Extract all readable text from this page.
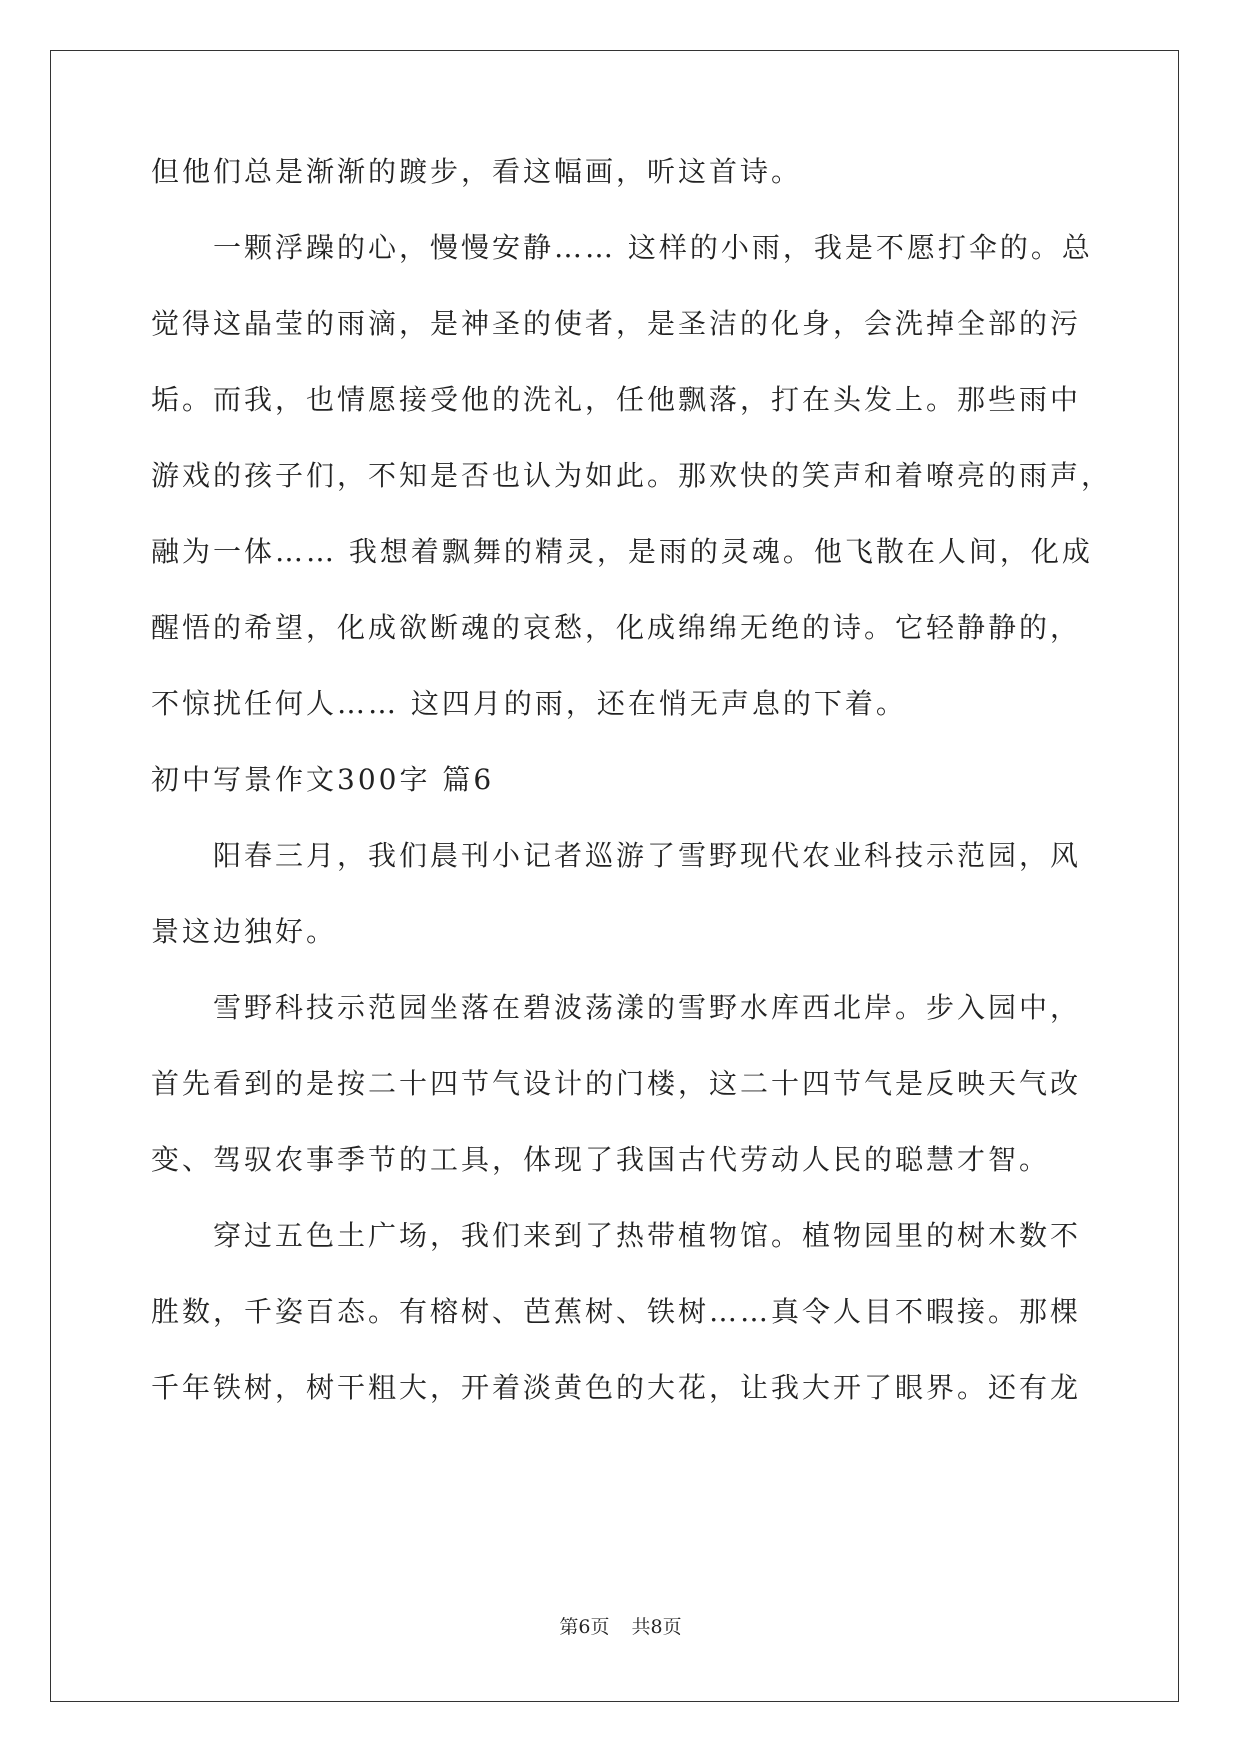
但他们总是渐渐的踱步，看这幅画，听这首诗。
　　一颗浮躁的心，慢慢安静…… 这样的小雨，我是不愿打伞的。总
觉得这晶莹的雨滴，是神圣的使者，是圣洁的化身，会洗掉全部的污
垢。而我，也情愿接受他的洗礼，任他飘落，打在头发上。那些雨中
游戏的孩子们，不知是否也认为如此。那欢快的笑声和着嘹亮的雨声，
融为一体…… 我想着飘舞的精灵，是雨的灵魂。他飞散在人间，化成
醒悟的希望，化成欲断魂的哀愁，化成绵绵无绝的诗。它轻静静的，
不惊扰任何人…… 这四月的雨，还在悄无声息的下着。
初中写景作文300字 篇6
　　阳春三月，我们晨刊小记者巡游了雪野现代农业科技示范园，风
景这边独好。
　　雪野科技示范园坐落在碧波荡漾的雪野水库西北岸。步入园中，
首先看到的是按二十四节气设计的门楼，这二十四节气是反映天气改
变、驾驭农事季节的工具，体现了我国古代劳动人民的聪慧才智。
　　穿过五色土广场，我们来到了热带植物馆。植物园里的树木数不
胜数，千姿百态。有榕树、芭蕉树、铁树……真令人目不暇接。那棵
千年铁树，树干粗大，开着淡黄色的大花，让我大开了眼界。还有龙
第6页 共8页
